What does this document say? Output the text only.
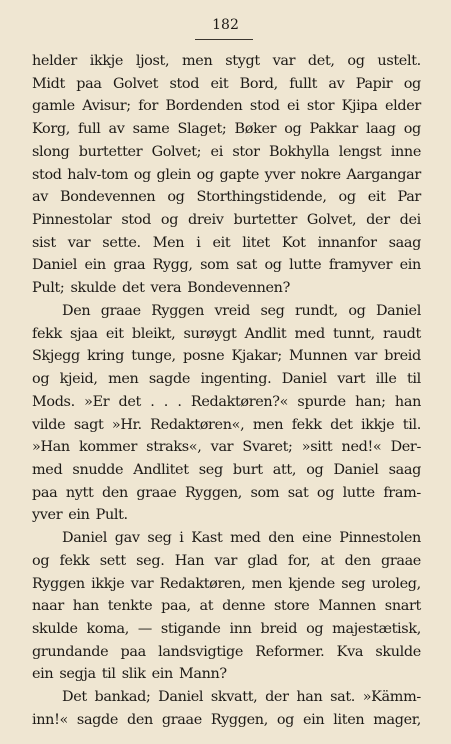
182
helder ikkje ljost, men stygt var det, og ustelt.
Midt paa Golvet stod eit Bord, fullt av Papir og
gamle Avisur; for Bordenden stod ei stor Kjipa elder
Korg, full av same Slaget; Bøker og Pakkar laag og
slong burtetter Golvet; ei stor Bokhylla lengst inne
stod halv-tom og glein og gapte yver nokre Aargangar
av Bondevennen og Storthingstidende, og eit Par
Pinnestolar stod og dreiv burtetter Golvet, der dei
sist var sette. Men i eit litet Kot innanfor saag
Daniel ein graa Rygg, som sat og lutte framyver ein
Pult; skulde det vera Bondevennen?
Den graae Ryggen vreid seg rundt, og Daniel
fekk sjaa eit bleikt, surøygt Andlit med tunnt, raudt
Skjegg kring tunge, posne Kjakar; Munnen var breid
og kjeid, men sagde ingenting. Daniel vart ille til
Mods. »Er det . . . Redaktøren?« spurde han; han
vilde sagt »Hr. Redaktøren«, men fekk det ikkje til.
»Han kommer straks«, var Svaret; »sitt ned!« Der-
med snudde Andlitet seg burt att, og Daniel saag
paa nytt den graae Ryggen, som sat og lutte fram-
yver ein Pult.
Daniel gav seg i Kast med den eine Pinnestolen
og fekk sett seg. Han var glad for, at den graae
Ryggen ikkje var Redaktøren, men kjende seg uroleg,
naar han tenkte paa, at denne store Mannen snart
skulde koma, — stigande inn breid og majestætisk,
grundande paa landsvigtige Reformer. Kva skulde
ein segja til slik ein Mann?
Det bankad; Daniel skvatt, der han sat. »Kämm-
inn!« sagde den graae Ryggen, og ein liten mager,
